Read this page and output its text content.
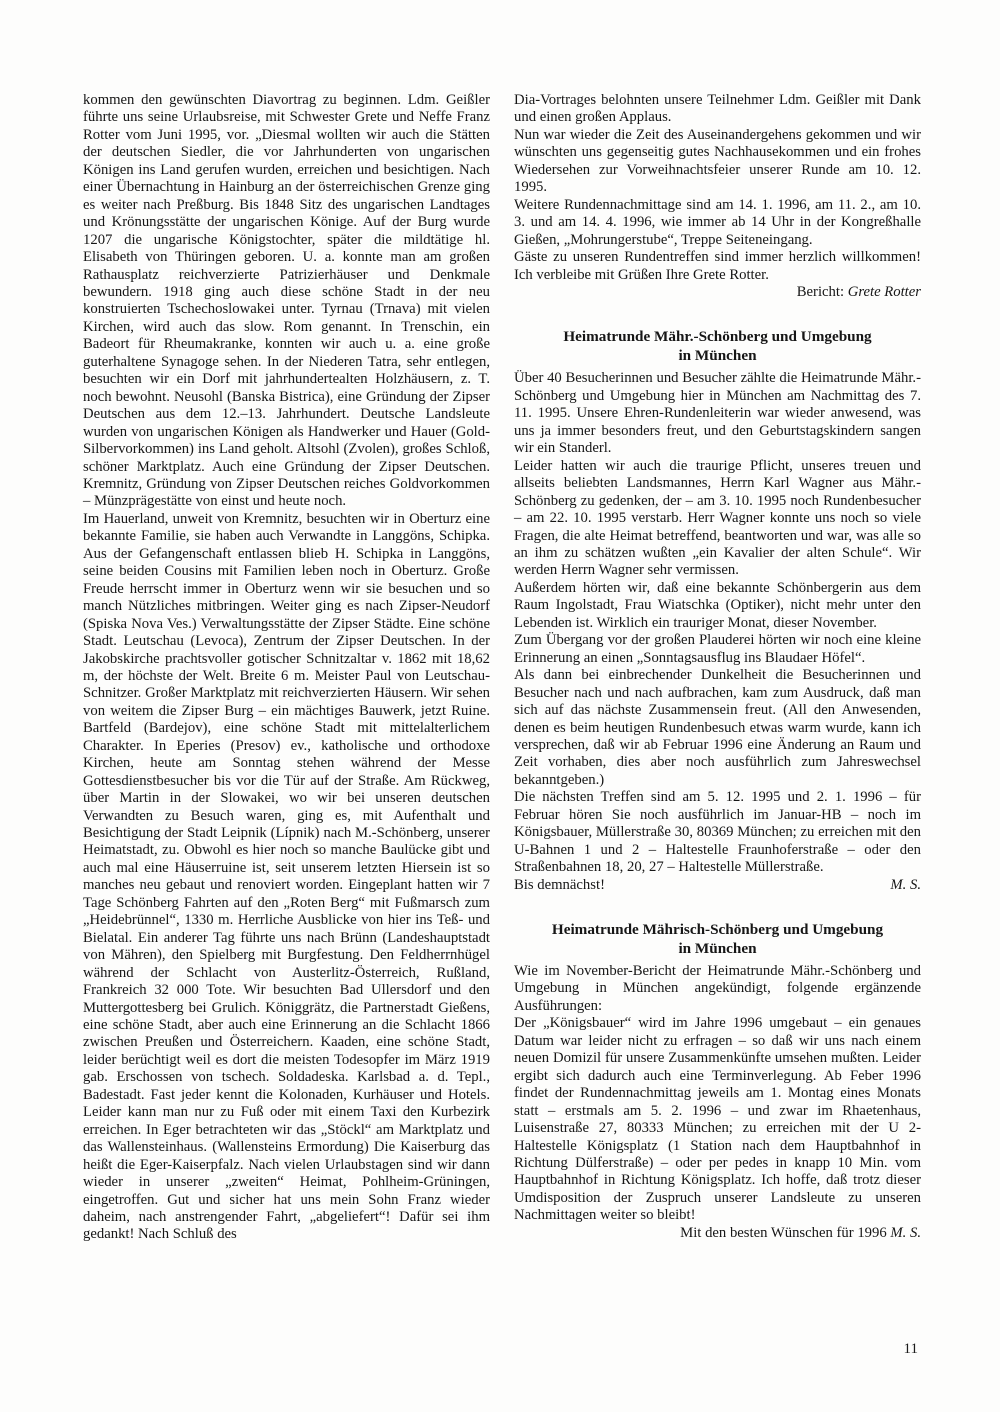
kommen den gewünschten Diavortrag zu beginnen. Ldm. Geißler führte uns seine Urlaubsreise, mit Schwester Grete und Neffe Franz Rotter vom Juni 1995, vor. „Diesmal wollten wir auch die Stätten der deutschen Siedler, die vor Jahrhunderten von ungarischen Königen ins Land gerufen wurden, erreichen und besichtigen. Nach einer Übernachtung in Hainburg an der österreichischen Grenze ging es weiter nach Preßburg. Bis 1848 Sitz des ungarischen Landtages und Krönungsstätte der ungarischen Könige. Auf der Burg wurde 1207 die ungarische Königstochter, später die mildtätige hl. Elisabeth von Thüringen geboren. U. a. konnte man am großen Rathausplatz reichverzierte Patrizierhäuser und Denkmale bewundern. 1918 ging auch diese schöne Stadt in der neu konstruierten Tschechoslowakei unter. Tyrnau (Trnava) mit vielen Kirchen, wird auch das slow. Rom genannt. In Trenschin, ein Badeort für Rheumakranke, konnten wir auch u. a. eine große guterhaltene Synagoge sehen. In der Niederen Tatra, sehr entlegen, besuchten wir ein Dorf mit jahrhundertealten Holzhäusern, z. T. noch bewohnt. Neusohl (Banska Bistrica), eine Gründung der Zipser Deutschen aus dem 12.–13. Jahrhundert. Deutsche Landsleute wurden von ungarischen Königen als Handwerker und Hauer (Gold-Silbervorkommen) ins Land geholt. Altsohl (Zvolen), großes Schloß, schöner Marktplatz. Auch eine Gründung der Zipser Deutschen. Kremnitz, Gründung von Zipser Deutschen reiches Goldvorkommen – Münzprägestätte von einst und heute noch.

Im Hauerland, unweit von Kremnitz, besuchten wir in Oberturz eine bekannte Familie, sie haben auch Verwandte in Langgöns, Schipka. Aus der Gefangenschaft entlassen blieb H. Schipka in Langgöns, seine beiden Cousins mit Familien leben noch in Oberturz. Große Freude herrscht immer in Oberturz wenn wir sie besuchen und so manch Nützliches mitbringen. Weiter ging es nach Zipser-Neudorf (Spiska Nova Ves.) Verwaltungsstätte der Zipser Städte. Eine schöne Stadt. Leutschau (Levoca), Zentrum der Zipser Deutschen. In der Jakobskirche prachtsvoller gotischer Schnitzaltar v. 1862 mit 18,62 m, der höchste der Welt. Breite 6 m. Meister Paul von Leutschau-Schnitzer. Großer Marktplatz mit reichverzierten Häusern. Wir sehen von weitem die Zipser Burg – ein mächtiges Bauwerk, jetzt Ruine. Bartfeld (Bardejov), eine schöne Stadt mit mittelalterlichem Charakter. In Eperies (Presov) ev., katholische und orthodoxe Kirchen, heute am Sonntag stehen während der Messe Gottesdienstbesucher bis vor die Tür auf der Straße. Am Rückweg, über Martin in der Slowakei, wo wir bei unseren deutschen Verwandten zu Besuch waren, ging es, mit Aufenthalt und Besichtigung der Stadt Leipnik (Lípnik) nach M.-Schönberg, unserer Heimatstadt, zu. Obwohl es hier noch so manche Baulücke gibt und auch mal eine Häuserruine ist, seit unserem letzten Hiersein ist so manches neu gebaut und renoviert worden. Eingeplant hatten wir 7 Tage Schönberg Fahrten auf den „Roten Berg“ mit Fußmarsch zum „Heidebrünnel“, 1330 m. Herrliche Ausblicke von hier ins Teß- und Bielatal. Ein anderer Tag führte uns nach Brünn (Landeshauptstadt von Mähren), den Spielberg mit Burgfestung. Den Feldherrnhügel während der Schlacht von Austerlitz-Österreich, Rußland, Frankreich 32 000 Tote. Wir besuchten Bad Ullersdorf und den Muttergottesberg bei Grulich. Königgrätz, die Partnerstadt Gießens, eine schöne Stadt, aber auch eine Erinnerung an die Schlacht 1866 zwischen Preußen und Österreichern. Kaaden, eine schöne Stadt, leider berüchtigt weil es dort die meisten Todesopfer im März 1919 gab. Erschossen von tschech. Soldadeska. Karlsbad a. d. Tepl., Badestadt. Fast jeder kennt die Kolonaden, Kurhäuser und Hotels. Leider kann man nur zu Fuß oder mit einem Taxi den Kurbezirk erreichen. In Eger betrachteten wir das „Stöckl“ am Marktplatz und das Wallensteinhaus. (Wallensteins Ermordung) Die Kaiserburg das heißt die Eger-Kaiserpfalz. Nach vielen Urlaubstagen sind wir dann wieder in unserer „zweiten“ Heimat, Pohlheim-Grüningen, eingetroffen. Gut und sicher hat uns mein Sohn Franz wieder daheim, nach anstrengender Fahrt, „abgeliefert“! Dafür sei ihm gedankt! Nach Schluß des

Dia-Vortrages belohnten unsere Teilnehmer Ldm. Geißler mit Dank und einen großen Applaus.

Nun war wieder die Zeit des Auseinandergehens gekommen und wir wünschten uns gegenseitig gutes Nachhausekommen und ein frohes Wiedersehen zur Vorweihnachtsfeier unserer Runde am 10. 12. 1995.

Weitere Rundennachmittage sind am 14. 1. 1996, am 11. 2., am 10. 3. und am 14. 4. 1996, wie immer ab 14 Uhr in der Kongreßhalle Gießen, „Mohrungerstube“, Treppe Seiteneingang.

Gäste zu unseren Rundentreffen sind immer herzlich willkommen! Ich verbleibe mit Grüßen Ihre Grete Rotter.

Bericht: Grete Rotter
Heimatrunde Mähr.-Schönberg und Umgebung
in München

Über 40 Besucherinnen und Besucher zählte die Heimatrunde Mähr.-Schönberg und Umgebung hier in München am Nachmittag des 7. 11. 1995. Unsere Ehren-Rundenleiterin war wieder anwesend, was uns ja immer besonders freut, und den Geburtstagskindern sangen wir ein Standerl.

Leider hatten wir auch die traurige Pflicht, unseres treuen und allseits beliebten Landsmannes, Herrn Karl Wagner aus Mähr.-Schönberg zu gedenken, der – am 3. 10. 1995 noch Rundenbesucher – am 22. 10. 1995 verstarb. Herr Wagner konnte uns noch so viele Fragen, die alte Heimat betreffend, beantworten und war, was alle so an ihm zu schätzen wußten „ein Kavalier der alten Schule“. Wir werden Herrn Wagner sehr vermissen.

Außerdem hörten wir, daß eine bekannte Schönbergerin aus dem Raum Ingolstadt, Frau Wiatschka (Optiker), nicht mehr unter den Lebenden ist. Wirklich ein trauriger Monat, dieser November.

Zum Übergang vor der großen Plauderei hörten wir noch eine kleine Erinnerung an einen „Sonntagsausflug ins Blaudaer Höfel“.

Als dann bei einbrechender Dunkelheit die Besucherinnen und Besucher nach und nach aufbrachen, kam zum Ausdruck, daß man sich auf das nächste Zusammensein freut. (All den Anwesenden, denen es beim heutigen Rundenbesuch etwas warm wurde, kann ich versprechen, daß wir ab Februar 1996 eine Änderung an Raum und Zeit vorhaben, dies aber noch ausführlich zum Jahreswechsel bekanntgeben.)

Die nächsten Treffen sind am 5. 12. 1995 und 2. 1. 1996 – für Februar hören Sie noch ausführlich im Januar-HB – noch im Königsbauer, Müllerstraße 30, 80369 München; zu erreichen mit den U-Bahnen 1 und 2 – Haltestelle Fraunhoferstraße – oder den Straßenbahnen 18, 20, 27 – Haltestelle Müllerstraße.

Bis demnächst!	M. S.
Heimatrunde Mährisch-Schönberg und Umgebung
in München

Wie im November-Bericht der Heimatrunde Mähr.-Schönberg und Umgebung in München angekündigt, folgende ergänzende Ausführungen:

Der „Königsbauer“ wird im Jahre 1996 umgebaut – ein genaues Datum war leider nicht zu erfragen – so daß wir uns nach einem neuen Domizil für unsere Zusammenkünfte umsehen mußten. Leider ergibt sich dadurch auch eine Terminverlegung. Ab Feber 1996 findet der Rundennachmittag jeweils am 1. Montag eines Monats statt – erstmals am 5. 2. 1996 – und zwar im Rhaetenhaus, Luisenstraße 27, 80333 München; zu erreichen mit der U 2-Haltestelle Königsplatz (1 Station nach dem Hauptbahnhof in Richtung Dülferstraße) – oder per pedes in knapp 10 Min. vom Hauptbahnhof in Richtung Königsplatz. Ich hoffe, daß trotz dieser Umdisposition der Zuspruch unserer Landsleute zu unseren Nachmittagen weiter so bleibt!

Mit den besten Wünschen für 1996 M. S.
11
